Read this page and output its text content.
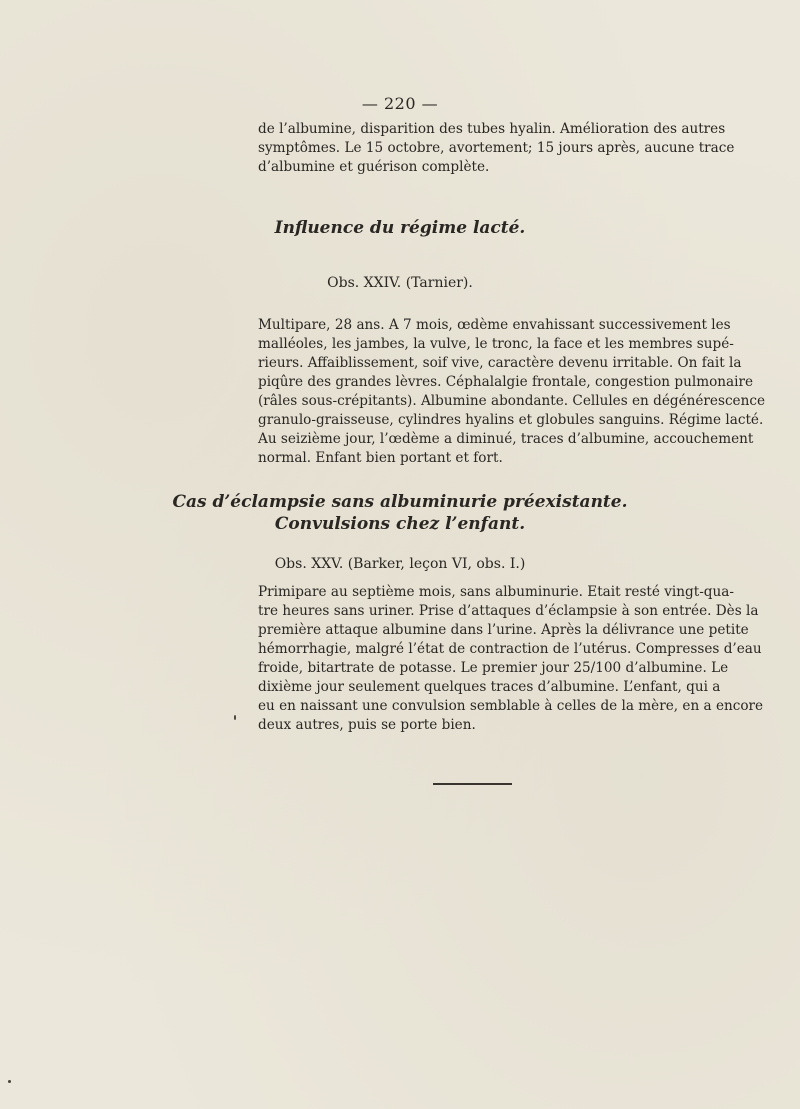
— 220 —

de l’albumine, disparition des tubes hyalin. Amélioration des autres
symptômes. Le 15 octobre, avortement; 15 jours après, aucune trace
d’albumine et guérison complète.

Influence du régime lacté.

Obs. XXIV. (Tarnier).

Multipare, 28 ans. A 7 mois, œdème envahissant successivement les
malléoles, les jambes, la vulve, le tronc, la face et les membres supé-
rieurs. Affaiblissement, soif vive, caractère devenu irritable. On fait la
piqûre des grandes lèvres. Céphalalgie frontale, congestion pulmonaire
(râles sous-crépitants). Albumine abondante. Cellules en dégénérescence
granulo-graisseuse, cylindres hyalins et globules sanguins. Régime lacté.
Au seizième jour, l’œdème a diminué, traces d’albumine, accouchement
normal. Enfant bien portant et fort.

Cas d’éclampsie sans albuminurie préexistante.
Convulsions chez l’enfant.

Obs. XXV. (Barker, leçon VI, obs. I.)

Primipare au septième mois, sans albuminurie. Etait resté vingt-qua-
tre heures sans uriner. Prise d’attaques d’éclampsie à son entrée. Dès la
première attaque albumine dans l’urine. Après la délivrance une petite
hémorrhagie, malgré l’état de contraction de l’utérus. Compresses d’eau
froide, bitartrate de potasse. Le premier jour 25/100 d’albumine. Le
dixième jour seulement quelques traces d’albumine. L’enfant, qui a
eu en naissant une convulsion semblable à celles de la mère, en a encore
deux autres, puis se porte bien.
